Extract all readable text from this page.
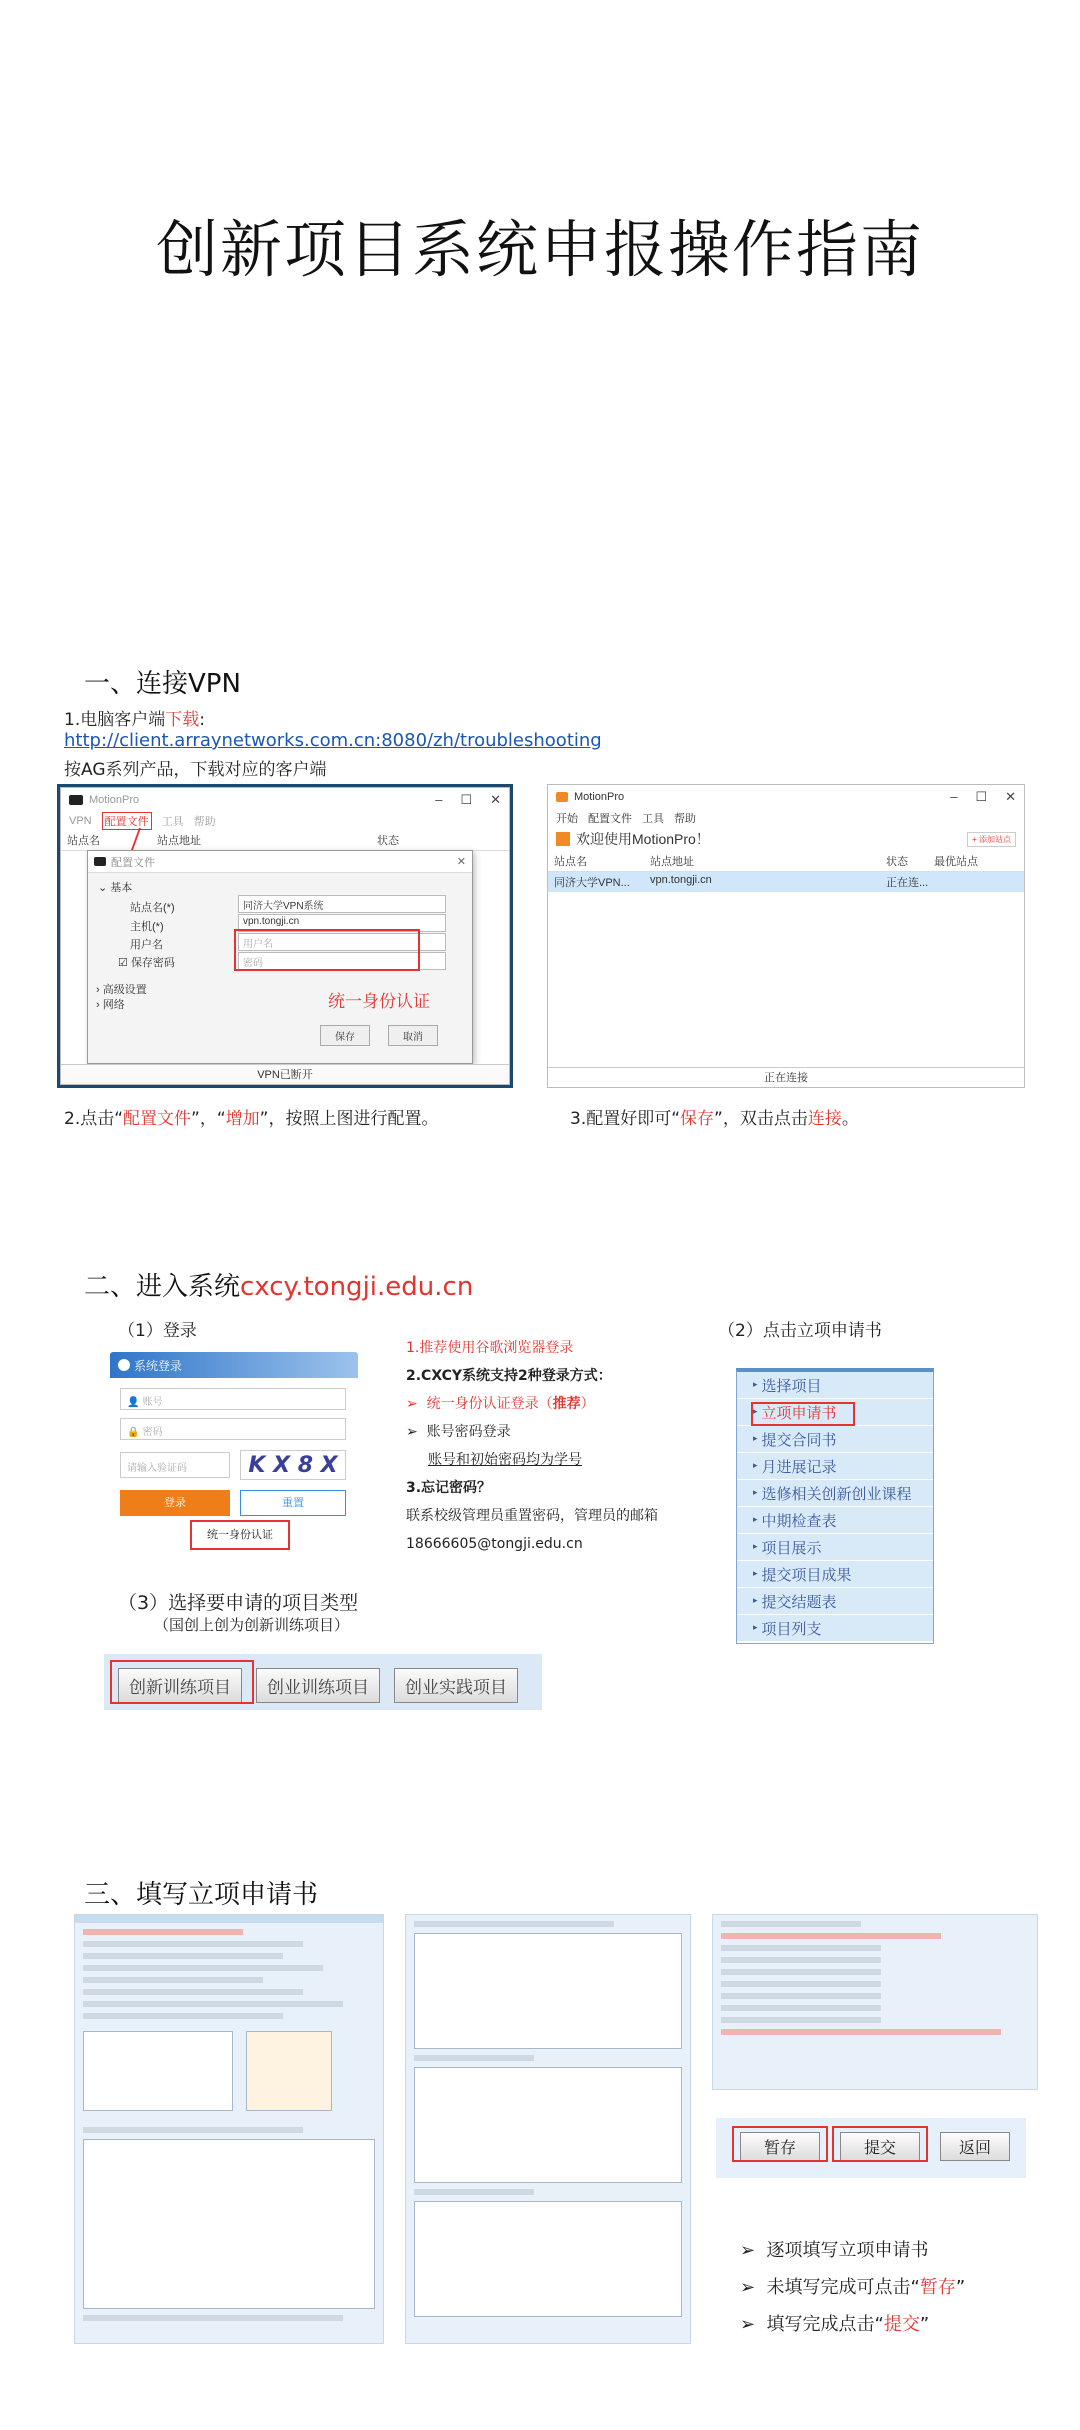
创新项目系统申报操作指南
一、连接VPN
1.电脑客户端下载:
http://client.arraynetworks.com.cn:8080/zh/troubleshooting
按AG系列产品，下载对应的客户端
MotionPro	– ☐ ✕
VPN 配置文件 工具 帮助
站点名	站点地址	状态
配置文件	✕
⌄ 基本
站点名(*)	同济大学VPN系统
主机(*)	vpn.tongji.cn
用户名	用户名
☑ 保存密码	密码
› 高级设置
› 网络	统一身份认证
保存	取消
VPN已断开
MotionPro	– ☐ ✕
开始 配置文件 工具 帮助
欢迎使用MotionPro！	+ 添加站点
站点名	站点地址	状态	最优站点
同济大学VPN...	vpn.tongji.cn	正在连...
正在连接
2.点击“配置文件”，“增加”，按照上图进行配置。	3.配置好即可“保存”，双击点击连接。
二、进入系统cxcy.tongji.edu.cn
（1）登录
系统登录
👤 账号
🔒 密码
请输入验证码	K X 8 X
登录	重置
统一身份认证
1.推荐使用谷歌浏览器登录
2.CXCY系统支持2种登录方式：
➢  统一身份认证登录（推荐）
➢  账号密码登录
账号和初始密码均为学号
3.忘记密码？
联系校级管理员重置密码，管理员的邮箱
18666605@tongji.edu.cn
（2）点击立项申请书
▸ 选择项目
▸ 立项申请书
▸ 提交合同书
▸ 月进展记录
▸ 选修相关创新创业课程
▸ 中期检查表
▸ 项目展示
▸ 提交项目成果
▸ 提交结题表
▸ 项目列支
（3）选择要申请的项目类型
（国创上创为创新训练项目）
创新训练项目	创业训练项目	创业实践项目
三、填写立项申请书

暂存	提交	返回
➢  逐项填写立项申请书
➢  未填写完成可点击“暂存”
➢  填写完成点击“提交”
